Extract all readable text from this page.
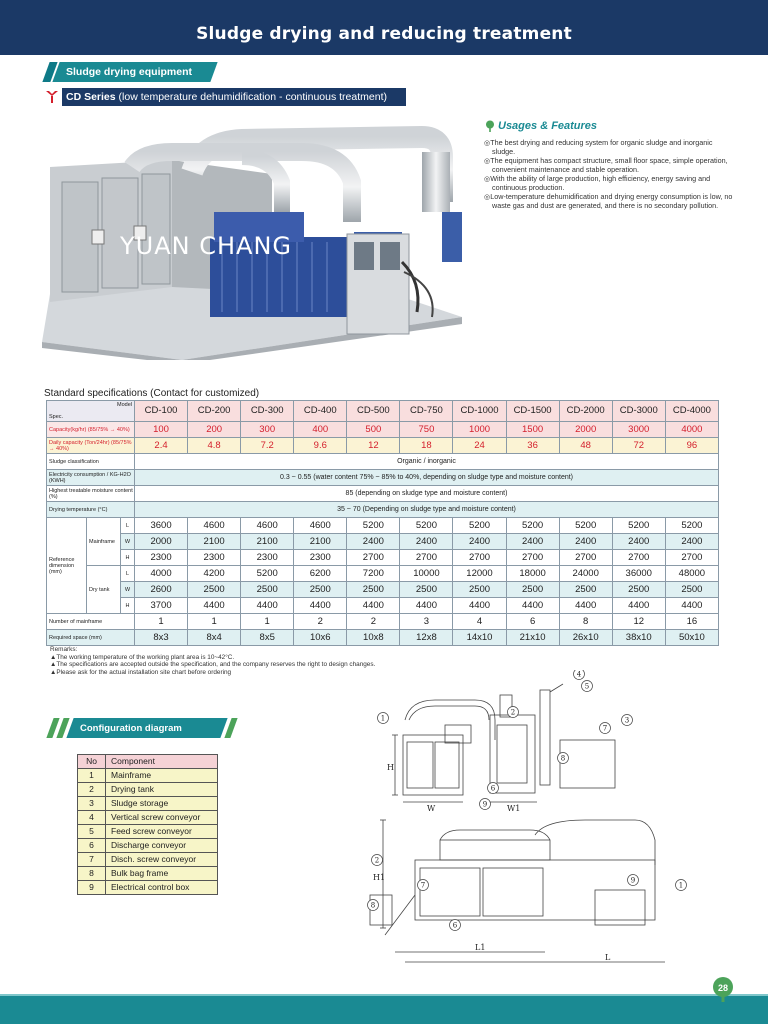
Sludge drying and reducing treatment
Sludge drying equipment
CD Series (low temperature dehumidification - continuous treatment)
YUAN CHANG
Usages & Features
◎The best drying and reducing system for organic sludge and inorganic sludge.
◎The equipment has compact structure, small floor space, simple operation, convenient maintenance and stable operation.
◎With the ability of large production, high efficiency, energy saving and continuous production.
◎Low-temperature dehumidification and drying energy consumption is low, no waste gas and dust are generated, and there is no secondary pollution.
Standard specifications (Contact for customized)
Model
Spec.			CD-100	CD-200	CD-300	CD-400	CD-500	CD-750	CD-1000	CD-1500	CD-2000	CD-3000	CD-4000
Capacity(kg/hr) (85/75% → 40%)			100	200	300	400	500	750	1000	1500	2000	3000	4000
Daily capacity (Ton/24hr) (85/75% → 40%)			2.4	4.8	7.2	9.6	12	18	24	36	48	72	96
Sludge classification			Organic / inorganic										
Electricity consumption / KG-H2O (KWH)			0.3 ~ 0.55 (water content 75% ~ 85% to 40%, depending on sludge type and moisture content)										
Highest treatable moisture content (%)			85 (depending on sludge type and moisture content)										
Drying temperature (°C)			35 ~ 70 (Depending on sludge type and moisture content)										
Reference dimension (mm)	Mainframe	L	3600	4600	4600	4600	5200	5200	5200	5200	5200	5200	5200
		W	2000	2100	2100	2100	2400	2400	2400	2400	2400	2400	2400
		H	2300	2300	2300	2300	2700	2700	2700	2700	2700	2700	2700
	Dry tank	L	4000	4200	5200	6200	7200	10000	12000	18000	24000	36000	48000
		W	2600	2500	2500	2500	2500	2500	2500	2500	2500	2500	2500
		H	3700	4400	4400	4400	4400	4400	4400	4400	4400	4400	4400
Number of mainframe			1	1	1	2	2	3	4	6	8	12	16
Required space (mm)			8x3	8x4	8x5	10x6	10x8	12x8	14x10	21x10	26x10	38x10	50x10
Remarks:
▲The working temperature of the working plant area is 10~42°C.
▲The specifications are accepted outside the specification, and the company reserves the right to design changes.
▲Please ask for the actual installation site chart before ordering
Configuration diagram
No	Component
1	Mainframe
2	Drying tank
3	Sludge storage
4	Vertical screw conveyor
5	Feed screw conveyor
6	Discharge conveyor
7	Disch. screw conveyor
8	Bulk bag frame
9	Electrical control box
H
W	W1
H1
L1
L
1
2
3
4
5
6
7
8
9
1
2
6
8
7
9
28
